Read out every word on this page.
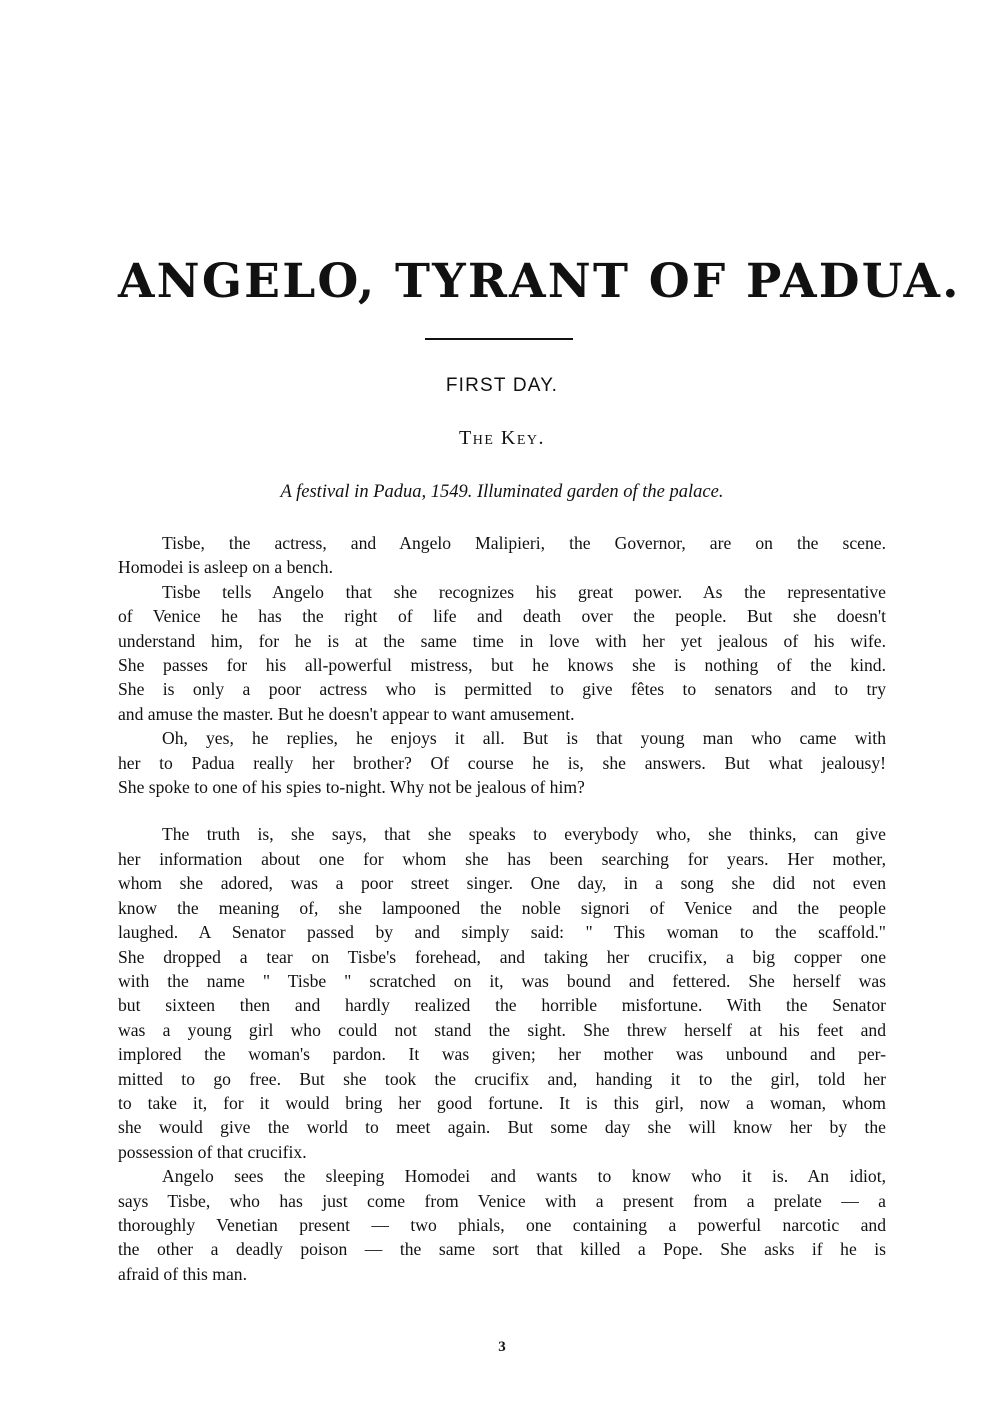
ANGELO, TYRANT OF PADUA.
FIRST DAY.
The Key.
A festival in Padua, 1549. Illuminated garden of the palace.

Tisbe, the actress, and Angelo Malipieri, the Governor, are on the scene.
Homodei is asleep on a bench.

Tisbe tells Angelo that she recognizes his great power. As the representative
of Venice he has the right of life and death over the people. But she doesn't
understand him, for he is at the same time in love with her yet jealous of his wife.
She passes for his all-powerful mistress, but he knows she is nothing of the kind.
She is only a poor actress who is permitted to give fêtes to senators and to try
and amuse the master. But he doesn't appear to want amusement.

Oh, yes, he replies, he enjoys it all. But is that young man who came with
her to Padua really her brother? Of course he is, she answers. But what jealousy!
She spoke to one of his spies to-night. Why not be jealous of him?

The truth is, she says, that she speaks to everybody who, she thinks, can give
her information about one for whom she has been searching for years. Her mother,
whom she adored, was a poor street singer. One day, in a song she did not even
know the meaning of, she lampooned the noble signori of Venice and the people
laughed. A Senator passed by and simply said: " This woman to the scaffold."
She dropped a tear on Tisbe's forehead, and taking her crucifix, a big copper one
with the name " Tisbe " scratched on it, was bound and fettered. She herself was
but sixteen then and hardly realized the horrible misfortune. With the Senator
was a young girl who could not stand the sight. She threw herself at his feet and
implored the woman's pardon. It was given; her mother was unbound and per-
mitted to go free. But she took the crucifix and, handing it to the girl, told her
to take it, for it would bring her good fortune. It is this girl, now a woman, whom
she would give the world to meet again. But some day she will know her by the
possession of that crucifix.

Angelo sees the sleeping Homodei and wants to know who it is. An idiot,
says Tisbe, who has just come from Venice with a present from a prelate — a
thoroughly Venetian present — two phials, one containing a powerful narcotic and
the other a deadly poison — the same sort that killed a Pope. She asks if he is
afraid of this man.

3
